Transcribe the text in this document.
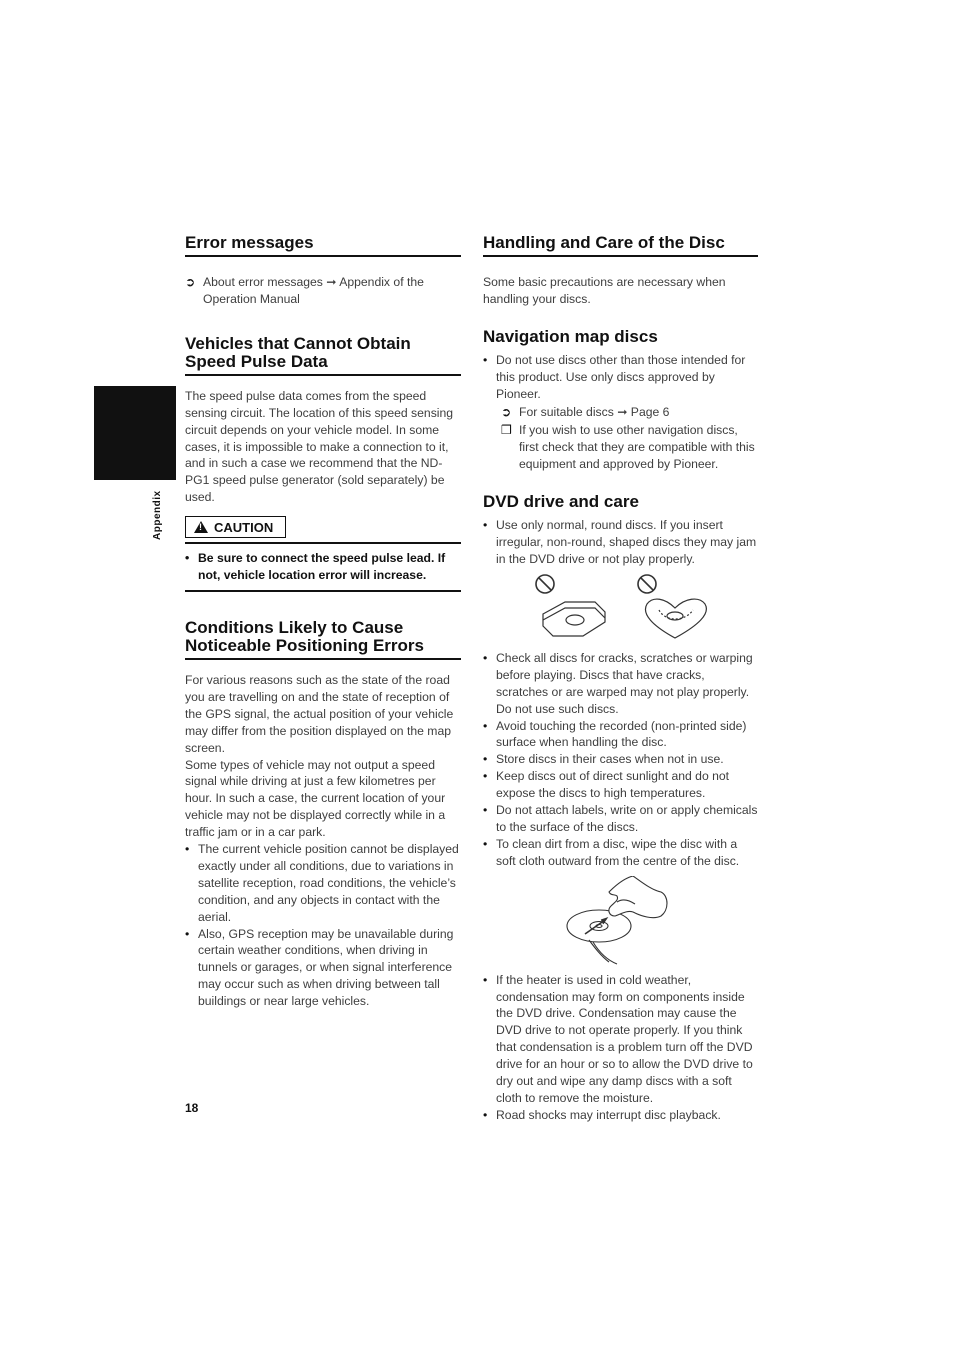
Appendix
Error messages
➲ About error messages ➞ Appendix of the Operation Manual
Vehicles that Cannot Obtain Speed Pulse Data

The speed pulse data comes from the speed sensing circuit. The location of this speed sensing circuit depends on your vehicle model. In some cases, it is impossible to make a connection to it, and in such a case we recommend that the ND-PG1 speed pulse generator (sold separately) be used.

! CAUTION
• Be sure to connect the speed pulse lead. If not, vehicle location error will increase.
Conditions Likely to Cause Noticeable Positioning Errors

For various reasons such as the state of the road you are travelling on and the state of reception of the GPS signal, the actual position of your vehicle may differ from the position displayed on the map screen.

Some types of vehicle may not output a speed signal while driving at just a few kilometres per hour. In such a case, the current location of your vehicle may not be displayed correctly while in a traffic jam or in a car park.

• The current vehicle position cannot be displayed exactly under all conditions, due to variations in satellite reception, road conditions, the vehicle’s condition, and any objects in contact with the aerial.
• Also, GPS reception may be unavailable during certain weather conditions, when driving in tunnels or garages, or when signal interference may occur such as when driving between tall buildings or near large vehicles.
Handling and Care of the Disc

Some basic precautions are necessary when handling your discs.

Navigation map discs
• Do not use discs other than those intended for this product. Use only discs approved by Pioneer.
➲ For suitable discs ➞ Page 6
❒ If you wish to use other navigation discs, first check that they are compatible with this equipment and approved by Pioneer.
DVD drive and care
• Use only normal, round discs. If you insert irregular, non-round, shaped discs they may jam in the DVD drive or not play properly.
• Check all discs for cracks, scratches or warping before playing. Discs that have cracks, scratches or are warped may not play properly. Do not use such discs.
• Avoid touching the recorded (non-printed side) surface when handling the disc.
• Store discs in their cases when not in use.
• Keep discs out of direct sunlight and do not expose the discs to high temperatures.
• Do not attach labels, write on or apply chemicals to the surface of the discs.
• To clean dirt from a disc, wipe the disc with a soft cloth outward from the centre of the disc.
• If the heater is used in cold weather, condensation may form on components inside the DVD drive. Condensation may cause the DVD drive to not operate properly. If you think that condensation is a problem turn off the DVD drive for an hour or so to allow the DVD drive to dry out and wipe any damp discs with a soft cloth to remove the moisture.
• Road shocks may interrupt disc playback.
18
